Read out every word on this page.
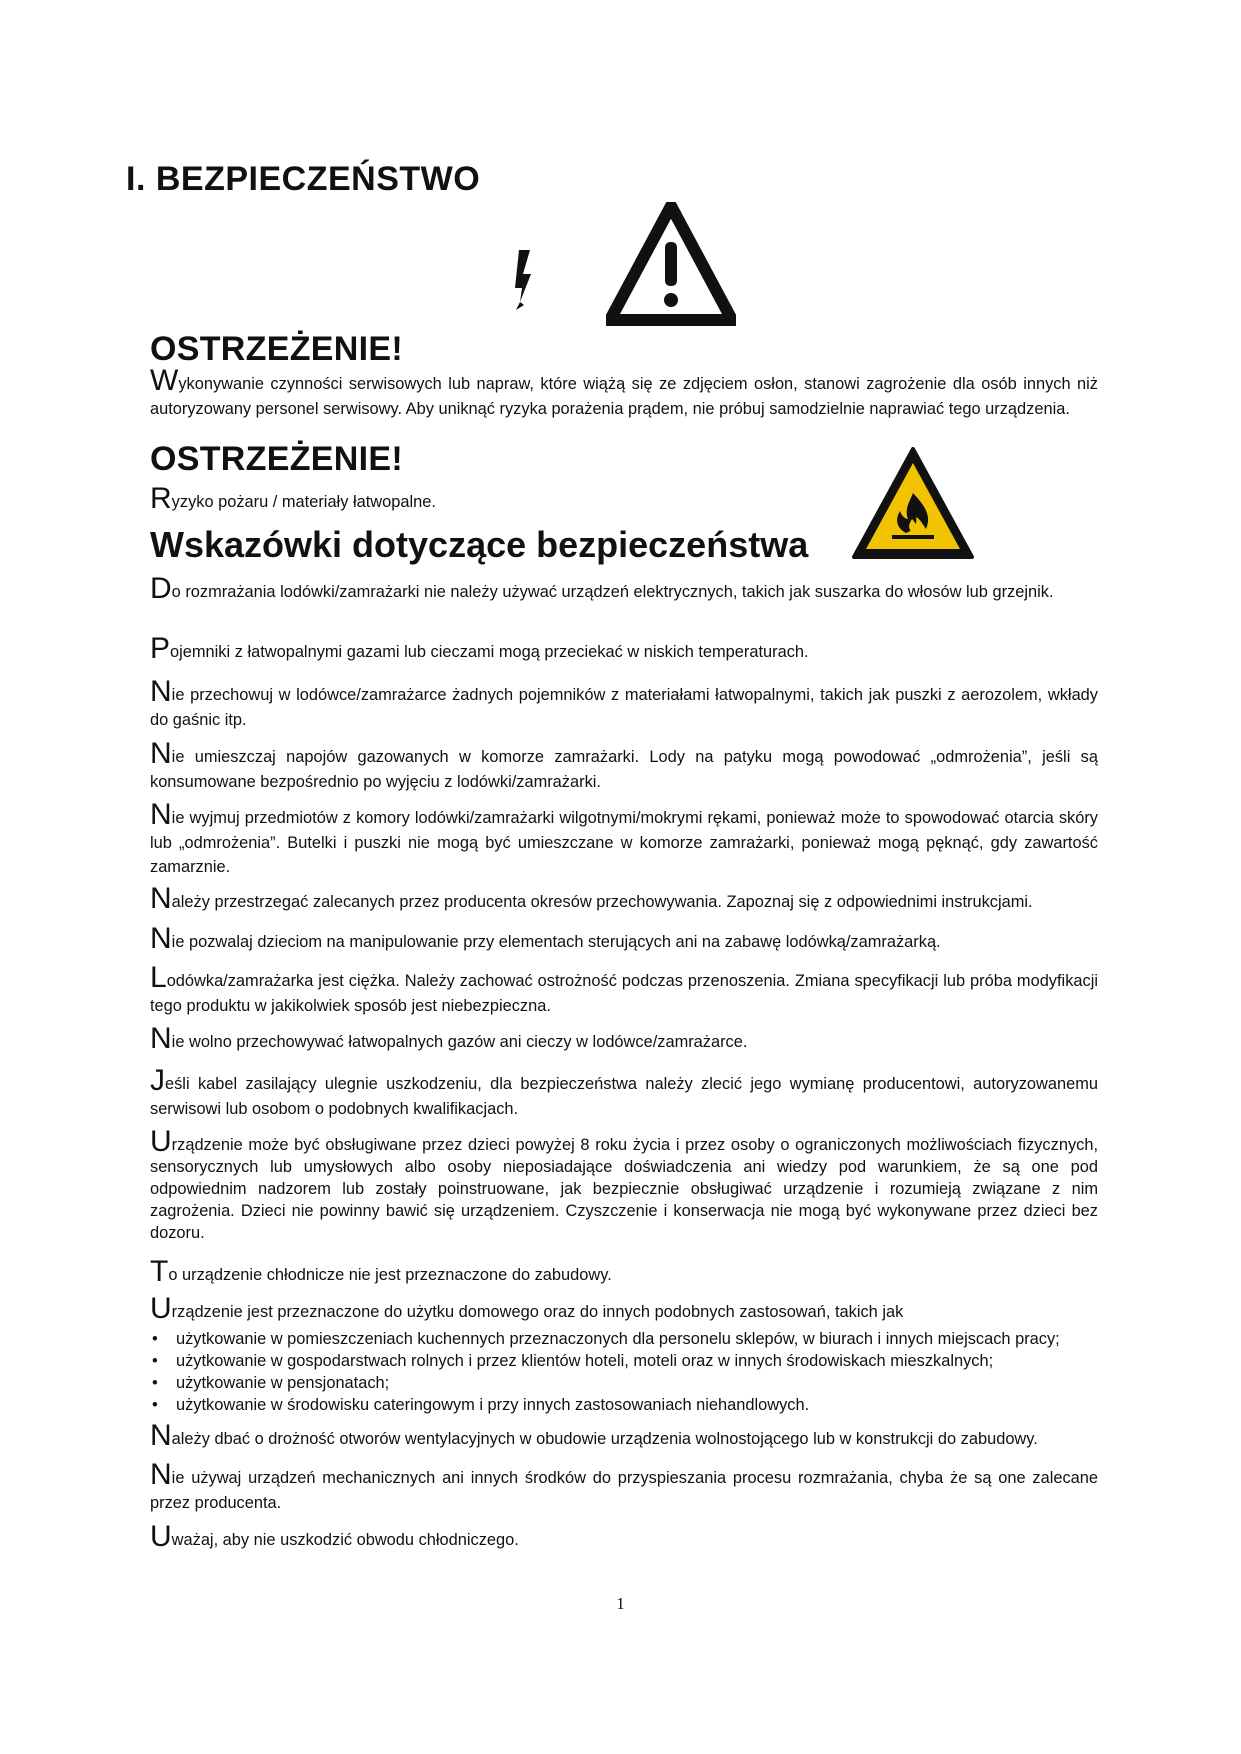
I. BEZPIECZEŃSTWO
OSTRZEŻENIE!

Wykonywanie czynności serwisowych lub napraw, które wiążą się ze zdjęciem osłon, stanowi zagrożenie dla osób innych niż autoryzowany personel serwisowy. Aby uniknąć ryzyka porażenia prądem, nie próbuj samodzielnie naprawiać tego urządzenia.

OSTRZEŻENIE!

Ryzyko pożaru / materiały łatwopalne.

Wskazówki dotyczące bezpieczeństwa

Do rozmrażania lodówki/zamrażarki nie należy używać urządzeń elektrycznych, takich jak suszarka do włosów lub grzejnik.

Pojemniki z łatwopalnymi gazami lub cieczami mogą przeciekać w niskich temperaturach.

Nie przechowuj w lodówce/zamrażarce żadnych pojemników z materiałami łatwopalnymi, takich jak puszki z aerozolem, wkłady do gaśnic itp.

Nie umieszczaj napojów gazowanych w komorze zamrażarki. Lody na patyku mogą powodować „odmrożenia”, jeśli są konsumowane bezpośrednio po wyjęciu z lodówki/zamrażarki.

Nie wyjmuj przedmiotów z komory lodówki/zamrażarki wilgotnymi/mokrymi rękami, ponieważ może to spowodować otarcia skóry lub „odmrożenia”. Butelki i puszki nie mogą być umieszczane w komorze zamrażarki, ponieważ mogą pęknąć, gdy zawartość zamarznie.

Należy przestrzegać zalecanych przez producenta okresów przechowywania. Zapoznaj się z odpowiednimi instrukcjami.

Nie pozwalaj dzieciom na manipulowanie przy elementach sterujących ani na zabawę lodówką/zamrażarką.

Lodówka/zamrażarka jest ciężka. Należy zachować ostrożność podczas przenoszenia. Zmiana specyfikacji lub próba modyfikacji tego produktu w jakikolwiek sposób jest niebezpieczna.

Nie wolno przechowywać łatwopalnych gazów ani cieczy w lodówce/zamrażarce.

Jeśli kabel zasilający ulegnie uszkodzeniu, dla bezpieczeństwa należy zlecić jego wymianę producentowi, autoryzowanemu serwisowi lub osobom o podobnych kwalifikacjach.

Urządzenie może być obsługiwane przez dzieci powyżej 8 roku życia i przez osoby o ograniczonych możliwościach fizycznych, sensorycznych lub umysłowych albo osoby nieposiadające doświadczenia ani wiedzy pod warunkiem, że są one pod odpowiednim nadzorem lub zostały poinstruowane, jak bezpiecznie obsługiwać urządzenie i rozumieją związane z nim zagrożenia. Dzieci nie powinny bawić się urządzeniem. Czyszczenie i konserwacja nie mogą być wykonywane przez dzieci bez dozoru.

To urządzenie chłodnicze nie jest przeznaczone do zabudowy.

Urządzenie jest przeznaczone do użytku domowego oraz do innych podobnych zastosowań, takich jak

• użytkowanie w pomieszczeniach kuchennych przeznaczonych dla personelu sklepów, w biurach i innych miejscach pracy;
• użytkowanie w gospodarstwach rolnych i przez klientów hoteli, moteli oraz w innych środowiskach mieszkalnych;
• użytkowanie w pensjonatach;
• użytkowanie w środowisku cateringowym i przy innych zastosowaniach niehandlowych.

Należy dbać o drożność otworów wentylacyjnych w obudowie urządzenia wolnostojącego lub w konstrukcji do zabudowy.

Nie używaj urządzeń mechanicznych ani innych środków do przyspieszania procesu rozmrażania, chyba że są one zalecane przez producenta.

Uważaj, aby nie uszkodzić obwodu chłodniczego.

1
